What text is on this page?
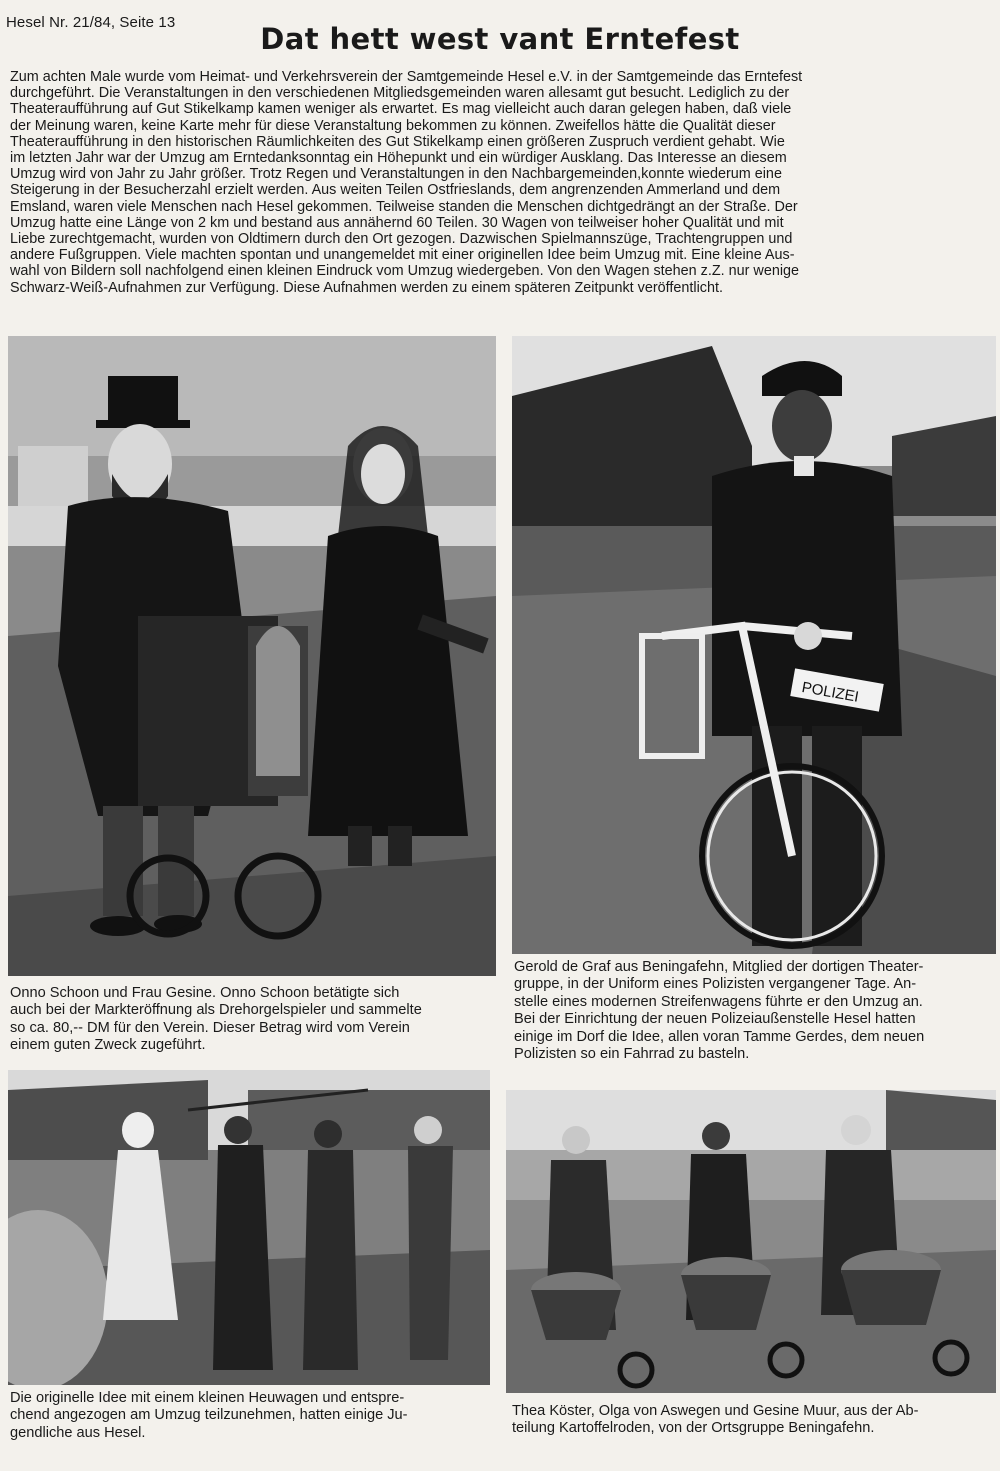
Hesel Nr. 21/84, Seite 13	Dat hett west vant Erntefest
Zum achten Male wurde vom Heimat- und Verkehrsverein der Samtgemeinde Hesel e.V. in der Samtgemeinde das Erntefest
durchgeführt. Die Veranstaltungen in den verschiedenen Mitgliedsgemeinden waren allesamt gut besucht. Lediglich zu der
Theateraufführung auf Gut Stikelkamp kamen weniger als erwartet. Es mag vielleicht auch daran gelegen haben, daß viele
der Meinung waren, keine Karte mehr für diese Veranstaltung bekommen zu können. Zweifellos hätte die Qualität dieser
Theateraufführung in den historischen Räumlichkeiten des Gut Stikelkamp einen größeren Zuspruch verdient gehabt. Wie
im letzten Jahr war der Umzug am Erntedanksonntag ein Höhepunkt und ein würdiger Ausklang. Das Interesse an diesem
Umzug wird von Jahr zu Jahr größer. Trotz Regen und Veranstaltungen in den Nachbargemeinden,konnte wiederum eine
Steigerung in der Besucherzahl erzielt werden. Aus weiten Teilen Ostfrieslands, dem angrenzenden Ammerland und dem
Emsland, waren viele Menschen nach Hesel gekommen. Teilweise standen die Menschen dichtgedrängt an der Straße. Der
Umzug hatte eine Länge von 2 km und bestand aus annähernd 60 Teilen. 30 Wagen von teilweiser hoher Qualität und mit
Liebe zurechtgemacht, wurden von Oldtimern durch den Ort gezogen. Dazwischen Spielmannszüge, Trachtengruppen und
andere Fußgruppen. Viele machten spontan und unangemeldet mit einer originellen Idee beim Umzug mit. Eine kleine Aus-
wahl von Bildern soll nachfolgend einen kleinen Eindruck vom Umzug wiedergeben. Von den Wagen stehen z.Z. nur wenige
Schwarz-Weiß-Aufnahmen zur Verfügung. Diese Aufnahmen werden zu einem späteren Zeitpunkt veröffentlicht.
POLIZEI
Onno Schoon und Frau Gesine. Onno Schoon betätigte sich
auch bei der Markteröffnung als Drehorgelspieler und sammelte
so ca. 80,-- DM für den Verein. Dieser Betrag wird vom Verein
einem guten Zweck zugeführt.
Gerold de Graf aus Beningafehn, Mitglied der dortigen Theater-
gruppe, in der Uniform eines Polizisten vergangener Tage. An-
stelle eines modernen Streifenwagens führte er den Umzug an.
Bei der Einrichtung der neuen Polizeiaußenstelle Hesel hatten
einige im Dorf die Idee, allen voran Tamme Gerdes, dem neuen
Polizisten so ein Fahrrad zu basteln.
Die originelle Idee mit einem kleinen Heuwagen und entspre-
chend angezogen am Umzug teilzunehmen, hatten einige Ju-
gendliche aus Hesel.
Thea Köster, Olga von Aswegen und Gesine Muur, aus der Ab-
teilung Kartoffelroden, von der Ortsgruppe Beningafehn.
